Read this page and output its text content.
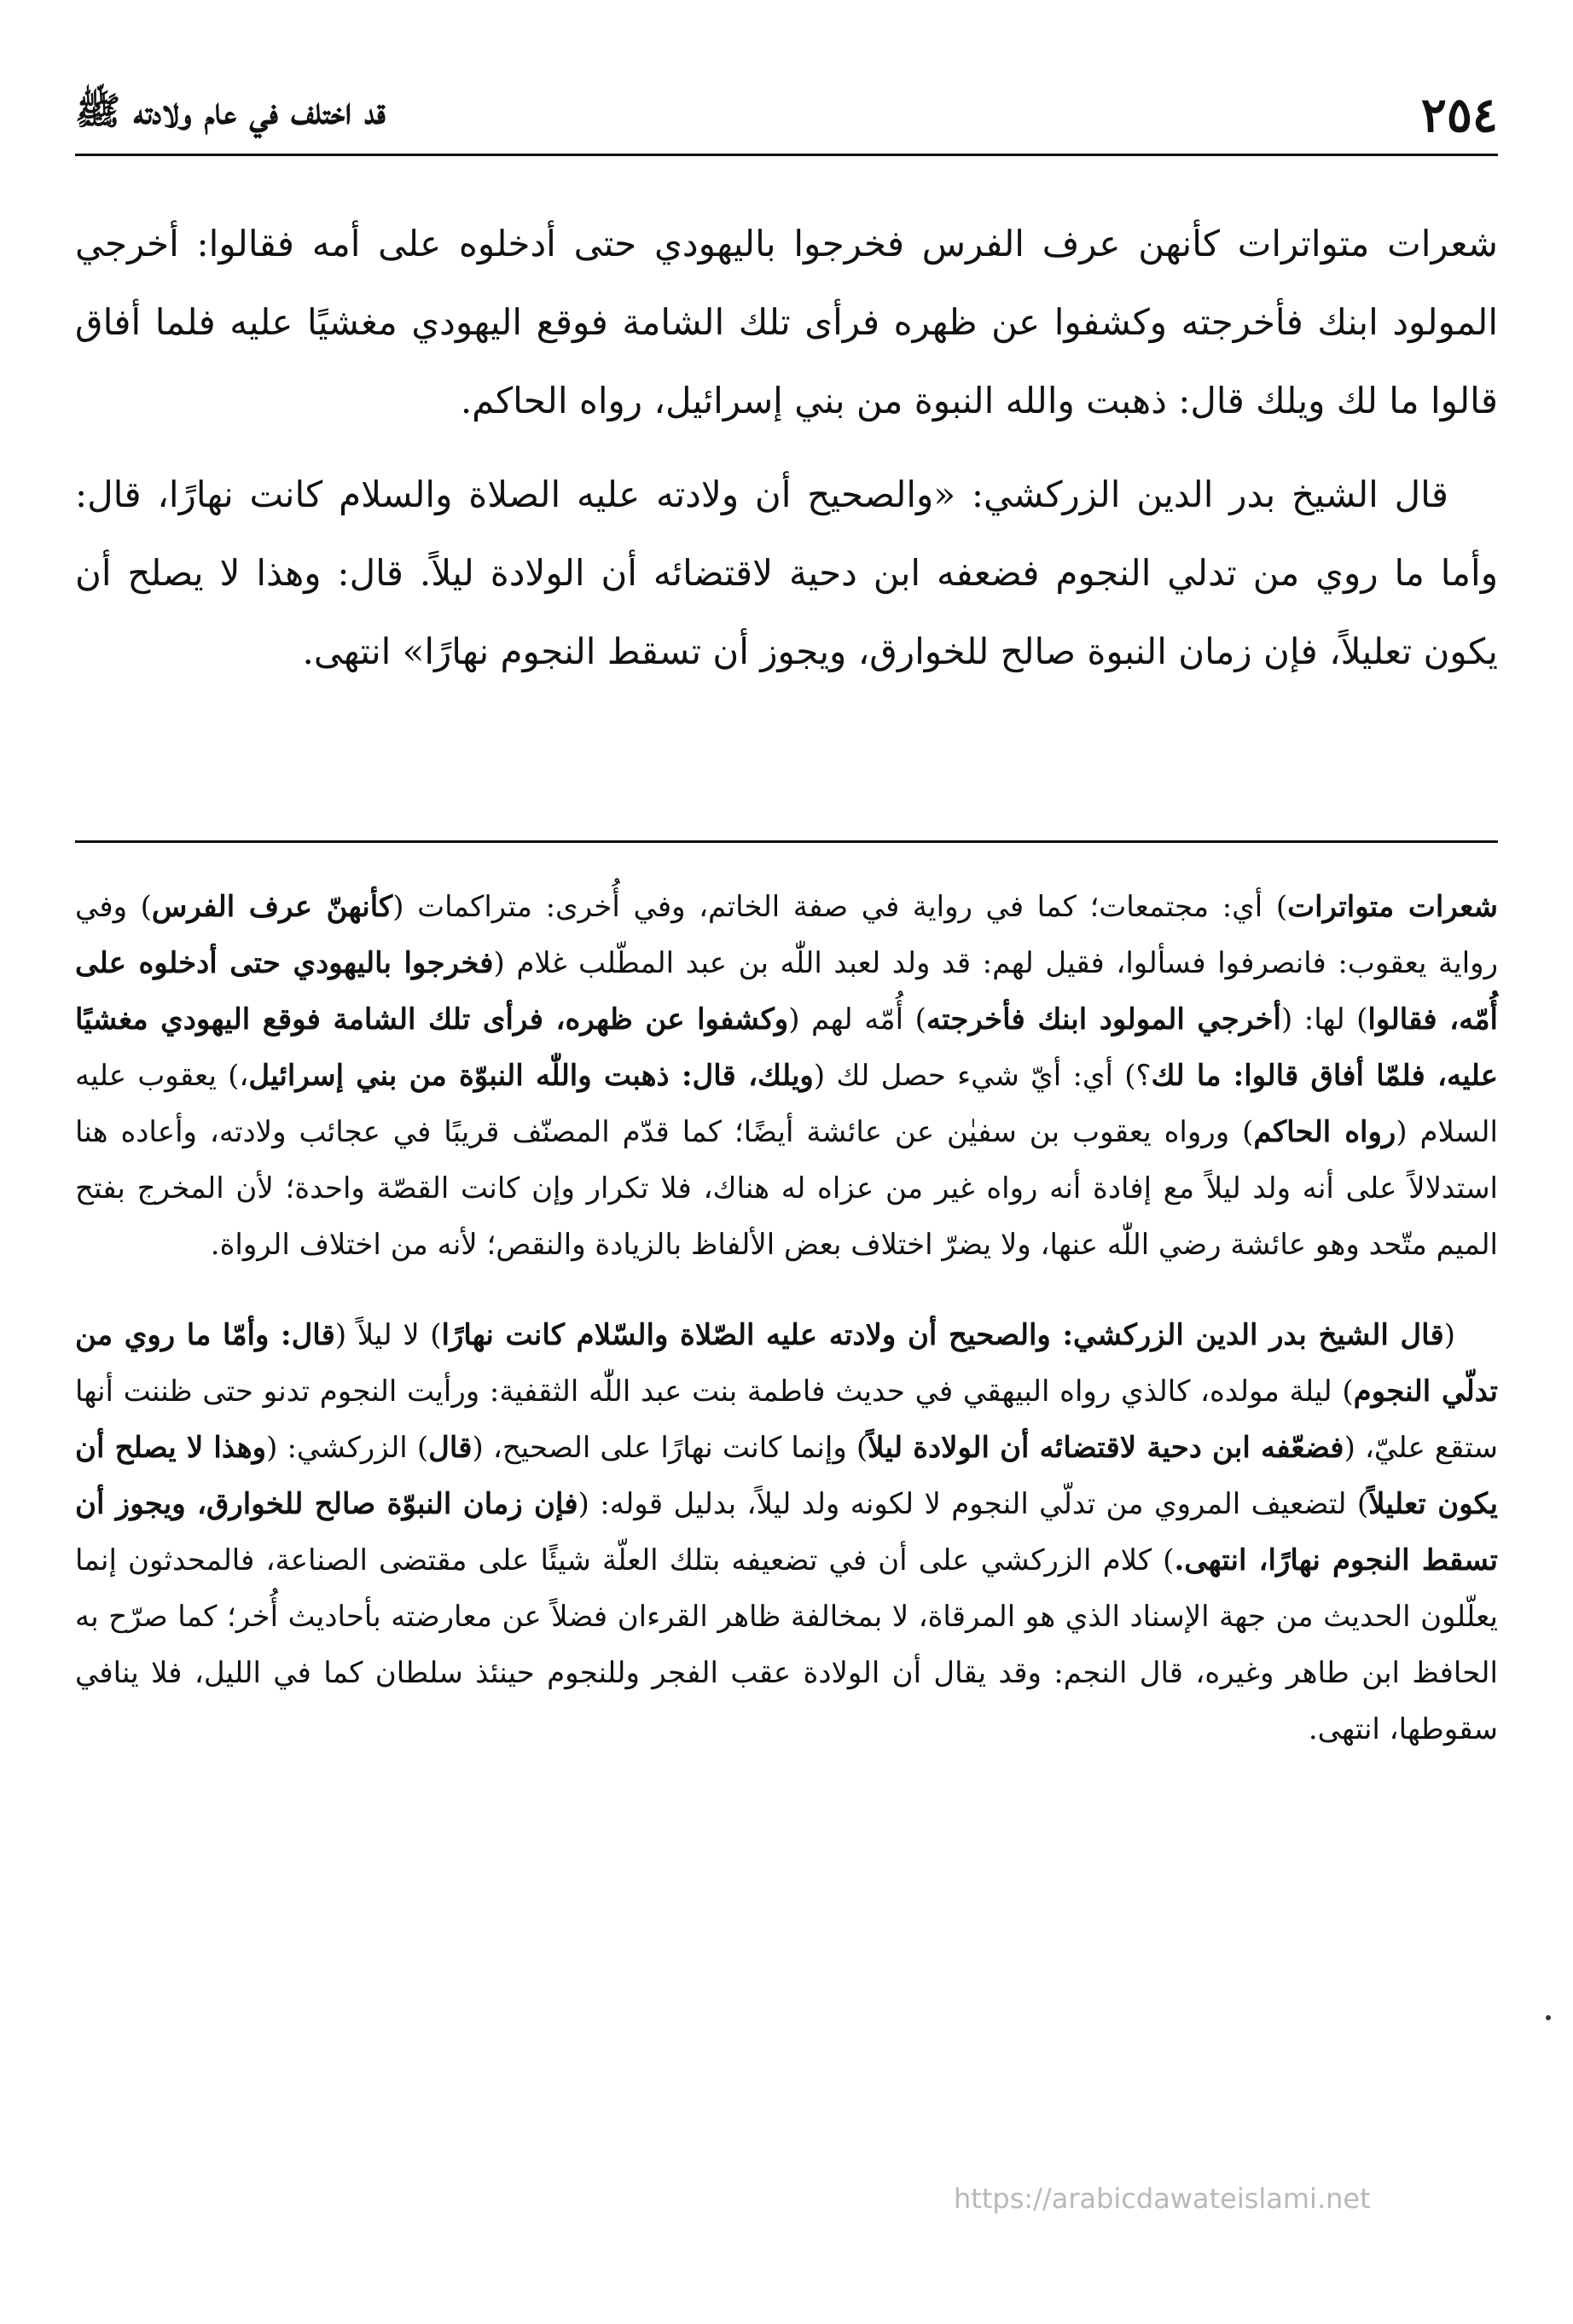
٢٥٤
قد اختلف في عام ولادته ﷺ

شعرات متواترات كأنهن عرف الفرس فخرجوا باليهودي حتى أدخلوه على أمه فقالوا: أخرجي المولود ابنك فأخرجته وكشفوا عن ظهره فرأى تلك الشامة فوقع اليهودي مغشيًا عليه فلما أفاق قالوا ما لك ويلك قال: ذهبت والله النبوة من بني إسرائيل، رواه الحاكم.

قال الشيخ بدر الدين الزركشي: «والصحيح أن ولادته عليه الصلاة والسلام كانت نهارًا، قال: وأما ما روي من تدلي النجوم فضعفه ابن دحية لاقتضائه أن الولادة ليلاً. قال: وهذا لا يصلح أن يكون تعليلاً، فإن زمان النبوة صالح للخوارق، ويجوز أن تسقط النجوم نهارًا» انتهى.

شعرات متواترات) أي: مجتمعات؛ كما في رواية في صفة الخاتم، وفي أُخرى: متراكمات (كأنهنّ عرف الفرس) وفي رواية يعقوب: فانصرفوا فسألوا، فقيل لهم: قد ولد لعبد اللّٰه بن عبد المطّلب غلام (فخرجوا باليهودي حتى أدخلوه على أُمّه، فقالوا) لها: (أخرجي المولود ابنك فأخرجته) أُمّه لهم (وكشفوا عن ظهره، فرأى تلك الشامة فوقع اليهودي مغشيًا عليه، فلمّا أفاق قالوا: ما لك؟) أي: أيّ شيء حصل لك (ويلك، قال: ذهبت واللّٰه النبوّة من بني إسرائيل،) يعقوب عليه السلام (رواه الحاكم) ورواه يعقوب بن سفيٰن عن عائشة أيضًا؛ كما قدّم المصنّف قريبًا في عجائب ولادته، وأعاده هنا استدلالاً على أنه ولد ليلاً مع إفادة أنه رواه غير من عزاه له هناك، فلا تكرار وإن كانت القصّة واحدة؛ لأن المخرج بفتح الميم متّحد وهو عائشة رضي اللّٰه عنها، ولا يضرّ اختلاف بعض الألفاظ بالزيادة والنقص؛ لأنه من اختلاف الرواة.

(قال الشيخ بدر الدين الزركشي: والصحيح أن ولادته عليه الصّلاة والسّلام كانت نهارًا) لا ليلاً (قال: وأمّا ما روي من تدلّي النجوم) ليلة مولده، كالذي رواه البيهقي في حديث فاطمة بنت عبد اللّٰه الثقفية: ورأيت النجوم تدنو حتى ظننت أنها ستقع عليّ، (فضعّفه ابن دحية لاقتضائه أن الولادة ليلاً) وإنما كانت نهارًا على الصحيح، (قال) الزركشي: (وهذا لا يصلح أن يكون تعليلاً) لتضعيف المروي من تدلّي النجوم لا لكونه ولد ليلاً، بدليل قوله: (فإن زمان النبوّة صالح للخوارق، ويجوز أن تسقط النجوم نهارًا، انتهى.) كلام الزركشي على أن في تضعيفه بتلك العلّة شيئًا على مقتضى الصناعة، فالمحدثون إنما يعلّلون الحديث من جهة الإسناد الذي هو المرقاة، لا بمخالفة ظاهر القرءان فضلاً عن معارضته بأحاديث أُخر؛ كما صرّح به الحافظ ابن طاهر وغيره، قال النجم: وقد يقال أن الولادة عقب الفجر وللنجوم حينئذ سلطان كما في الليل، فلا ينافي سقوطها، انتهى.

https://arabicdawateislami.net
